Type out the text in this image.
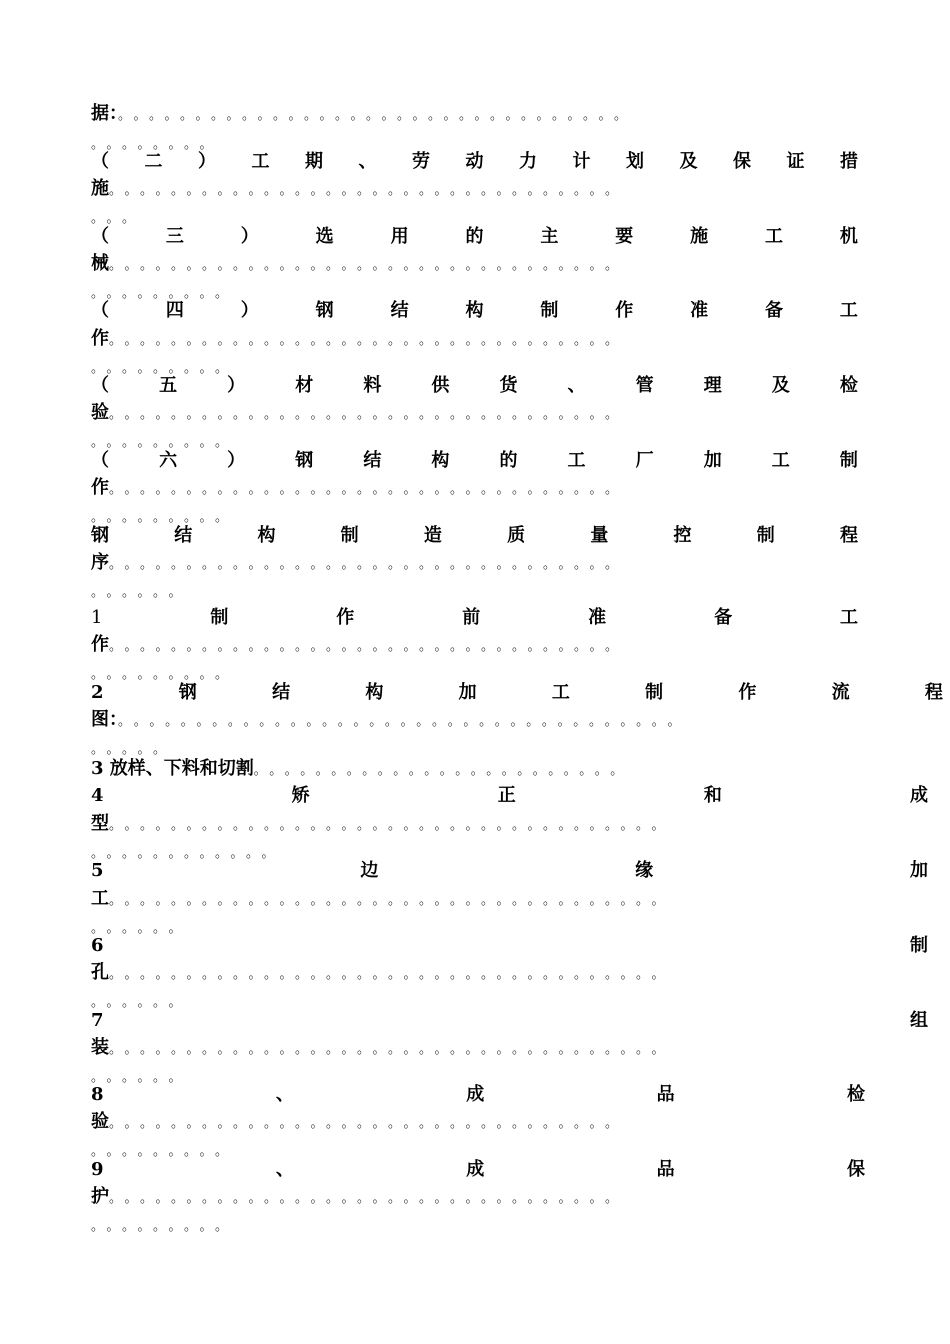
据：。。。。。。。。。。。。。。。。。。。。。。。。。。。。。。。。。
。。。。。。。。
（ 二 ） 工 期 、 劳 动 力 计 划 及 保 证 措
施。。。。。。。。。。。。。。。。。。。。。。。。。。。。。。。。。
。。。
（	三	）	选	用	的	主	要	施	工	机
械。。。。。。。。。。。。。。。。。。。。。。。。。。。。。。。。。
。。。。。。。。。
（	四	）	钢	结	构	制	作	准	备	工
作。。。。。。。。。。。。。。。。。。。。。。。。。。。。。。。。。
。。。。。。。。。
（	五	）	材	料	供	货	、	管	理	及	检
验。。。。。。。。。。。。。。。。。。。。。。。。。。。。。。。。。
。。。。。。。。。
（	六	）	钢	结	构	的	工	厂	加	工	制
作。。。。。。。。。。。。。。。。。。。。。。。。。。。。。。。。。
。。。。。。。。。
钢	结	构	制	造	质	量	控	制	程
序。。。。。。。。。。。。。。。。。。。。。。。。。。。。。。。。。
。。。。。。
1	制	作	前	准	备	工
作。。。。。。。。。。。。。。。。。。。。。。。。。。。。。。。。。
。。。。。。。。。
2	钢	结	构	加	工	制	作	流	程
图：。。。。。。。。。。。。。。。。。。。。。。。。。。。。。。。。。。。。
。。。。。
3 放样、下料和切割。。。。。。。。。。。。。。。。。。。。。。。。
4	矫	正	和	成
型。。。。。。。。。。。。。。。。。。。。。。。。。。。。。。。。。。。。
。。。。。。。。。。。。
5	边	缘	加
工。。。。。。。。。。。。。。。。。。。。。。。。。。。。。。。。。。。。
。。。。。。
6	制
孔。。。。。。。。。。。。。。。。。。。。。。。。。。。。。。。。。。。。
。。。。。。
7	组
装。。。。。。。。。。。。。。。。。。。。。。。。。。。。。。。。。。。。
。。。。。。
8	、	成	品	检
验。。。。。。。。。。。。。。。。。。。。。。。。。。。。。。。。。
。。。。。。。。。
9	、	成	品	保
护。。。。。。。。。。。。。。。。。。。。。。。。。。。。。。。。。
。。。。。。。。。
